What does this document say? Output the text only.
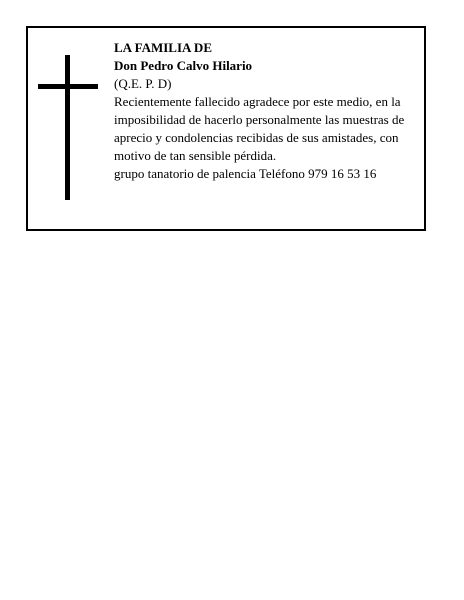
LA FAMILIA DE
Don Pedro Calvo Hilario
(Q.E. P. D)
Recientemente fallecido agradece por este medio, en la imposibilidad de hacerlo personalmente las muestras de aprecio y condolencias recibidas de sus amistades, con motivo de tan sensible pérdida.
grupo tanatorio de palencia Teléfono 979 16 53 16
